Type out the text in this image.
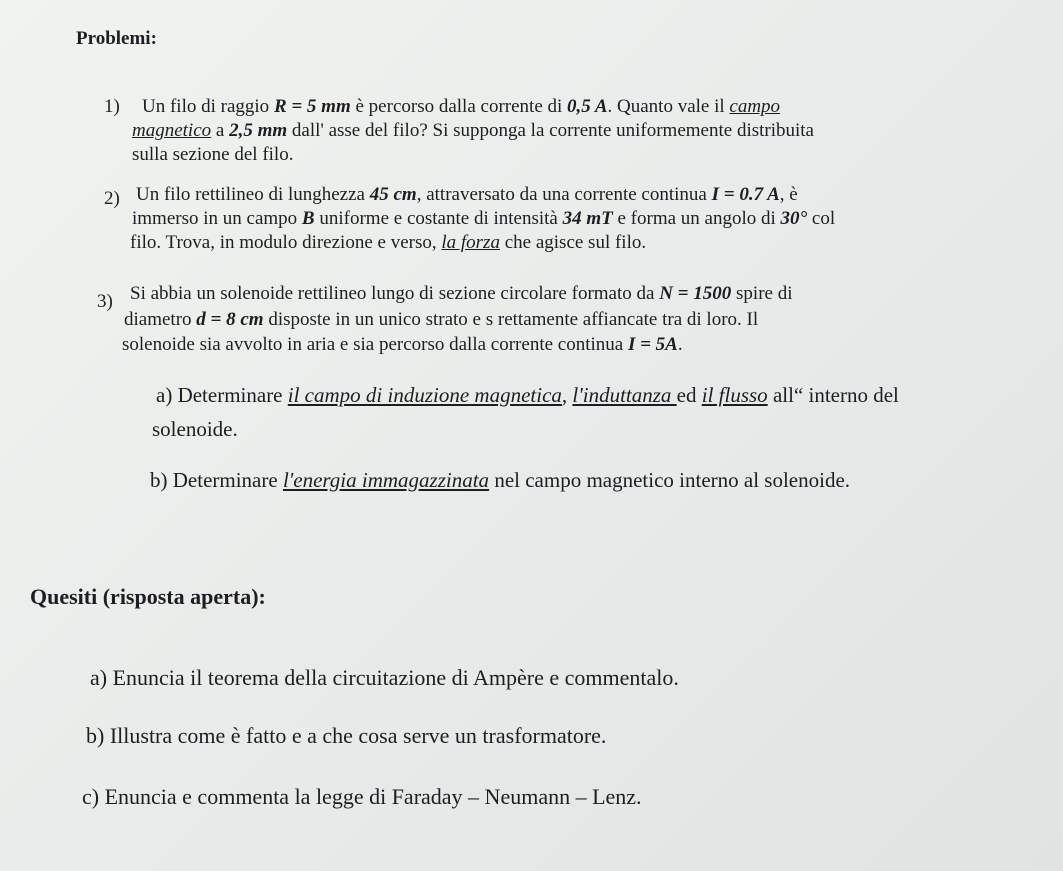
Problemi:
1) Un filo di raggio R = 5 mm è percorso dalla corrente di 0,5 A. Quanto vale il campo
magnetico a 2,5 mm dall' asse del filo? Si supponga la corrente uniformemente distribuita
sulla sezione del filo.
2) Un filo rettilineo di lunghezza 45 cm, attraversato da una corrente continua I = 0.7 A, è
immerso in un campo B uniforme e costante di intensità 34 mT e forma un angolo di 30° col
filo. Trova, in modulo direzione e verso, la forza che agisce sul filo.
3) Si abbia un solenoide rettilineo lungo di sezione circolare formato da N = 1500 spire di
diametro d = 8 cm disposte in un unico strato e s rettamente affiancate tra di loro. Il
solenoide sia avvolto in aria e sia percorso dalla corrente continua I = 5A.
a) Determinare il campo di induzione magnetica, l'induttanza ed il flusso all“ interno del
solenoide.
b) Determinare l'energia immagazzinata nel campo magnetico interno al solenoide.
Quesiti (risposta aperta):
a) Enuncia il teorema della circuitazione di Ampère e commentalo.
b) Illustra come è fatto e a che cosa serve un trasformatore.
c) Enuncia e commenta la legge di Faraday – Neumann – Lenz.
